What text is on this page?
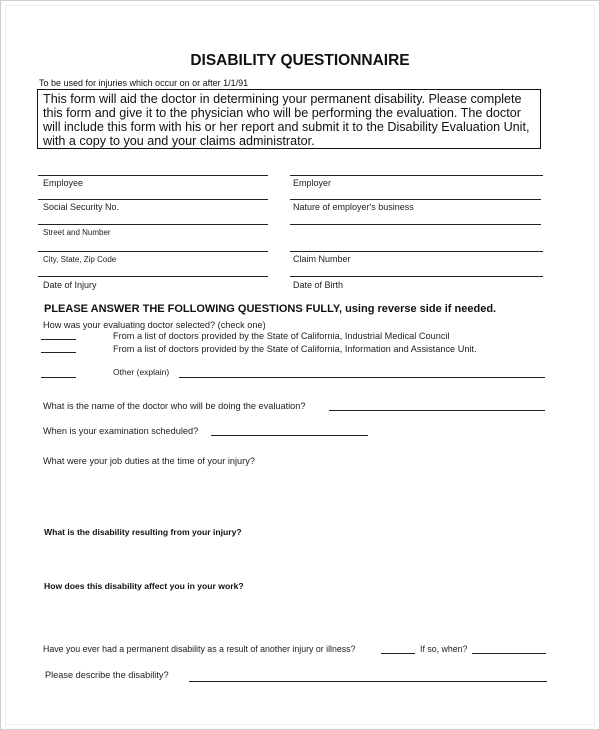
DISABILITY QUESTIONNAIRE
To be used for injuries which occur on or after 1/1/91
This form will aid the doctor in determining your permanent disability. Please complete this form and give it to the physician who will be performing the evaluation. The doctor will include this form with his or her report and submit it to the Disability Evaluation Unit, with a copy to you and your claims administrator.
Employee
Social Security No.
Street and Number
City, State, Zip Code
Date of Injury
Employer
Nature of employer's business
Claim Number
Date of Birth
PLEASE ANSWER THE FOLLOWING QUESTIONS FULLY, using reverse side if needed.
How was your evaluating doctor selected? (check one)
From a list of doctors provided by the State of California, Industrial Medical Council
From a list of doctors provided by the State of California, Information and Assistance Unit.
Other (explain)
What is the name of the doctor who will be doing the evaluation?
When is your examination scheduled?
What were your job duties at the time of your injury?
What is the disability resulting from your injury?
How does this disability affect you in your work?
Have you ever had a permanent disability as a result of another injury or illness?	If so, when?
Please describe the disability?
